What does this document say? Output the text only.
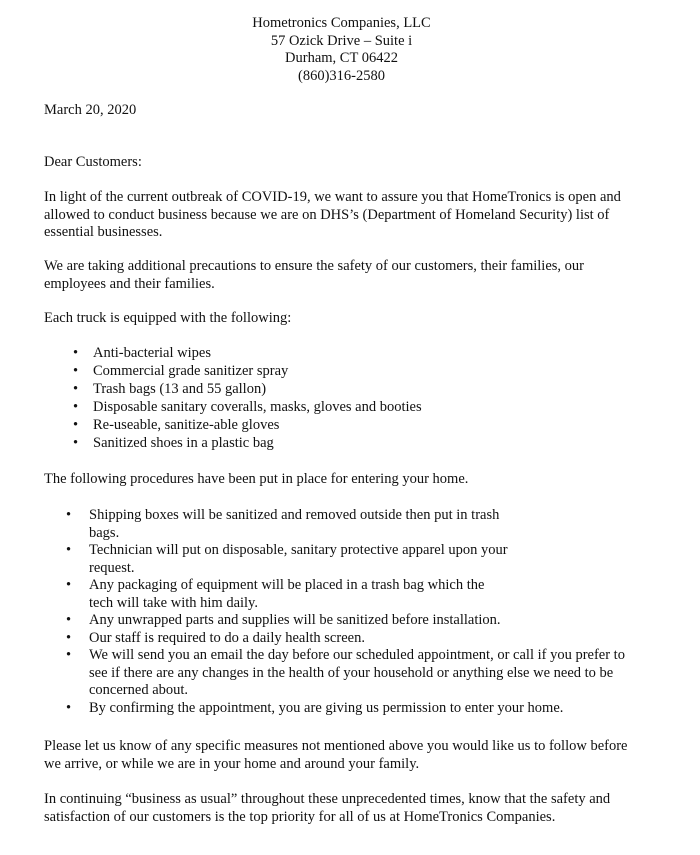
Hometronics Companies, LLC
57 Ozick Drive – Suite i
Durham, CT 06422
(860)316-2580
March 20, 2020
Dear Customers:

In light of the current outbreak of COVID-19, we want to assure you that HomeTronics is open and allowed to conduct business because we are on DHS’s (Department of Homeland Security) list of essential businesses.

We are taking additional precautions to ensure the safety of our customers, their families, our employees and their families.

Each truck is equipped with the following:

• Anti-bacterial wipes
• Commercial grade sanitizer spray
• Trash bags (13 and 55 gallon)
• Disposable sanitary coveralls, masks, gloves and booties
• Re-useable, sanitize-able gloves
• Sanitized shoes in a plastic bag

The following procedures have been put in place for entering your home.

• Shipping boxes will be sanitized and removed outside then put in trash bags.
• Technician will put on disposable, sanitary protective apparel upon your request.
• Any packaging of equipment will be placed in a trash bag which the tech will take with him daily.
• Any unwrapped parts and supplies will be sanitized before installation.
• Our staff is required to do a daily health screen.
• We will send you an email the day before our scheduled appointment, or call if you prefer to see if there are any changes in the health of your household or anything else we need to be concerned about.
• By confirming the appointment, you are giving us permission to enter your home.

Please let us know of any specific measures not mentioned above you would like us to follow before we arrive, or while we are in your home and around your family.

In continuing “business as usual” throughout these unprecedented times, know that the safety and satisfaction of our customers is the top priority for all of us at HomeTronics Companies.
